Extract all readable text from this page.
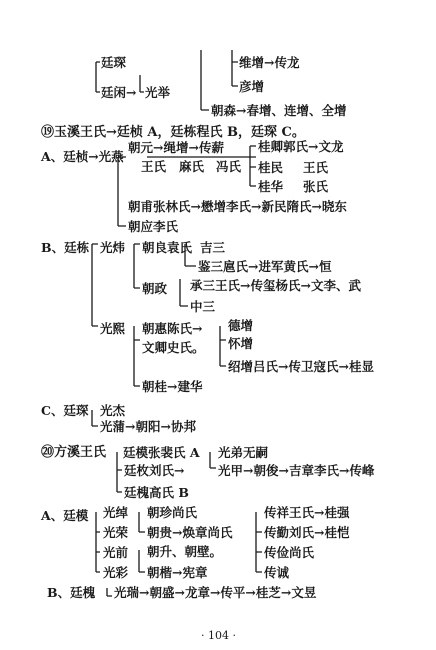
廷琛
廷闲→ 光举
维增→传龙
彦增
朝森→春增、连增、全增
⑲玉溪王氏→廷桢 A，廷栋程氏 B，廷琛 C。
A、廷桢→光燕
朝元→绳增→传薪
王氏 麻氏 冯氏
桂卿郭氏→文龙
桂民 王氏
桂华 张氏
朝甫张林氏→懋增李氏→新民隋氏→晓东
朝应李氏
B、廷栋 光炜 朝良袁氏 吉三
鉴三扈氏→进军黄氏→恒
朝政 承三王氏→传玺杨氏→文李、武
中三
光熙 朝惠陈氏→ 德增
文卿史氏。 怀增
绍增吕氏→传卫寇氏→桂显
朝桂→建华
C、廷琛 光杰
光蒲→朝阳→协邦
⑳方溪王氏 廷模张裴氏 A 光弟无嗣
廷枚刘氏→	光甲→朝俊→吉章李氏→传峰
廷槐高氏 B
A、廷模 光绰 朝珍尚氏	传祥王氏→桂强
光荣 朝贵→焕章尚氏	传勤刘氏→桂恺
光前	传俭尚氏
朝升、朝壁。
光彩 朝楷→宪章	传诚
B、廷槐 光瑞→朝盛→龙章→传平→桂芝→文昱
· 104 ·
